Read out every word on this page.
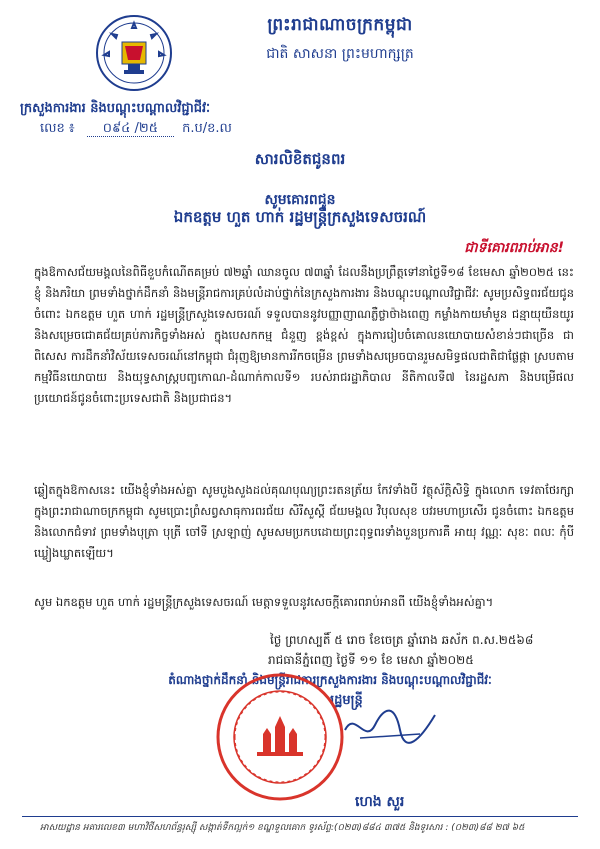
ព្រះរាជាណាចក្រកម្ពុជា
ជាតិ សាសនា ព្រះមហាក្សត្រ
ក្រសួងការងារ និងបណ្តុះបណ្តាលវិជ្ជាជីវៈ
លេខ ៖ ០៩៤ /២៥ ក.ប/ខ.ល
សារលិខិតជូនពរ
សូមគោរពជូន
ឯកឧត្តម ហួត ហាក់ រដ្ឋមន្ត្រីក្រសួងទេសចរណ៍
ជាទីគោរពរាប់អាន!
ក្នុងឱកាសជ័យមង្គលនៃពិធីខួបកំណើតគម្រប់ ៧២ឆ្នាំ ឈានចូល ៧៣ឆ្នាំ ដែលនឹងប្រព្រឹត្តទៅនាថ្ងៃទី១៨ ខែមេសា ឆ្នាំ២០២៥ នេះ ខ្ញុំ និងភរិយា ព្រមទាំងថ្នាក់ដឹកនាំ និងមន្ត្រីរាជការគ្រប់លំដាប់ថ្នាក់នៃក្រសួងការងារ និងបណ្តុះបណ្តាលវិជ្ជាជីវៈ សូមប្រសិទ្ធពរជ័យជូនចំពោះ ឯកឧត្តម ហួត ហាក់ រដ្ឋមន្ត្រីក្រសួងទេសចរណ៍ ទទួលបាននូវបញ្ញាញាណភ្លឺថ្លាថ៉ាងពេញ កម្លាំងកាយមាំមួន ជន្មាយុយឺនយូរ និងសម្រេចជោគជ័យគ្រប់ភារកិច្ចទាំងអស់ ក្នុងបេសកកម្ម ជំនួញ ខ្ពង់ខ្ពស់ ក្នុងការរៀបចំគោលនយោបាយសំខាន់ៗជាច្រើន ជាពិសេស ការដឹកនាំវិស័យទេសចរណ៍នៅកម្ពុជា ជំរុញឱ្យមានការរីកចម្រើន ព្រមទាំងសម្រេចបានរួមសមិទ្ធផលជាតិជាផ្លែផ្កា ស្របតាមកម្មវិធីនយោបាយ និងយុទ្ធសាស្ត្របញ្ចកោណ-ដំណាក់កាលទី១ របស់រាជរដ្ឋាភិបាល នីតិកាលទី៧ នៃរដ្ឋសភា និងបម្រើផលប្រយោជន៍ជូនចំពោះប្រទេសជាតិ និងប្រជាជន។
ឆ្លៀតក្នុងឱកាសនេះ យើងខ្ញុំទាំងអស់គ្នា សូមបួងសួងដល់គុណបុណ្យព្រះរតនត្រ័យ កែវទាំងបី វត្ថុស័ក្តិសិទ្ធិ ក្នុងលោក ទេវតាថែរក្សាក្នុងព្រះរាជាណាចក្រកម្ពុជា សូមប្រោះព្រំសព្វសាធុការពរជ័យ សិរីសួស្តី ជ័យមង្គល វិបុលសុខ បវរមហាប្រសើរ ជូនចំពោះ ឯកឧត្តម និងលោកជំទាវ ព្រមទាំងបុត្រា បុត្រី ចៅទី ស្រឡាញ់ សូមសមប្រកបដោយព្រះពុទ្ធពរទាំងបួនប្រការគឺ អាយុ វណ្ណៈ សុខៈ ពលៈ កុំបីឃ្លៀងឃ្លាតឡើយ។
សូម ឯកឧត្តម ហួត ហាក់ រដ្ឋមន្ត្រីក្រសួងទេសចរណ៍ មេត្តាទទួលនូវសេចក្តីគោរពរាប់អានពី យើងខ្ញុំទាំងអស់គ្នា។
ថ្ងៃ ព្រហស្បតិ៍ ៥ រោច ខែចេត្រ ឆ្នាំរោង ឆស័ក ព.ស.២៥៦៨
រាជធានីភ្នំពេញ ថ្ងៃទី ១១ ខែ មេសា ឆ្នាំ២០២៥
តំណាងថ្នាក់ដឹកនាំ និងមន្ត្រីរាជការក្រសួងការងារ និងបណ្តុះបណ្តាលវិជ្ជាជីវៈ
រដ្ឋមន្ត្រី
ហេង សួរ
អាសយដ្ឋាន អគារលេខ៣ មហាវិថីសហព័ន្ធរុស្ស៊ី សង្កាត់ទឹកល្អក់១ ខណ្ឌទួលគោក ទូរស័ព្ទ:(០២៣)៨៨៤ ៣៧៥ និងទូរសារ : (០២៣)៨៨ ២៧ ៦៥
